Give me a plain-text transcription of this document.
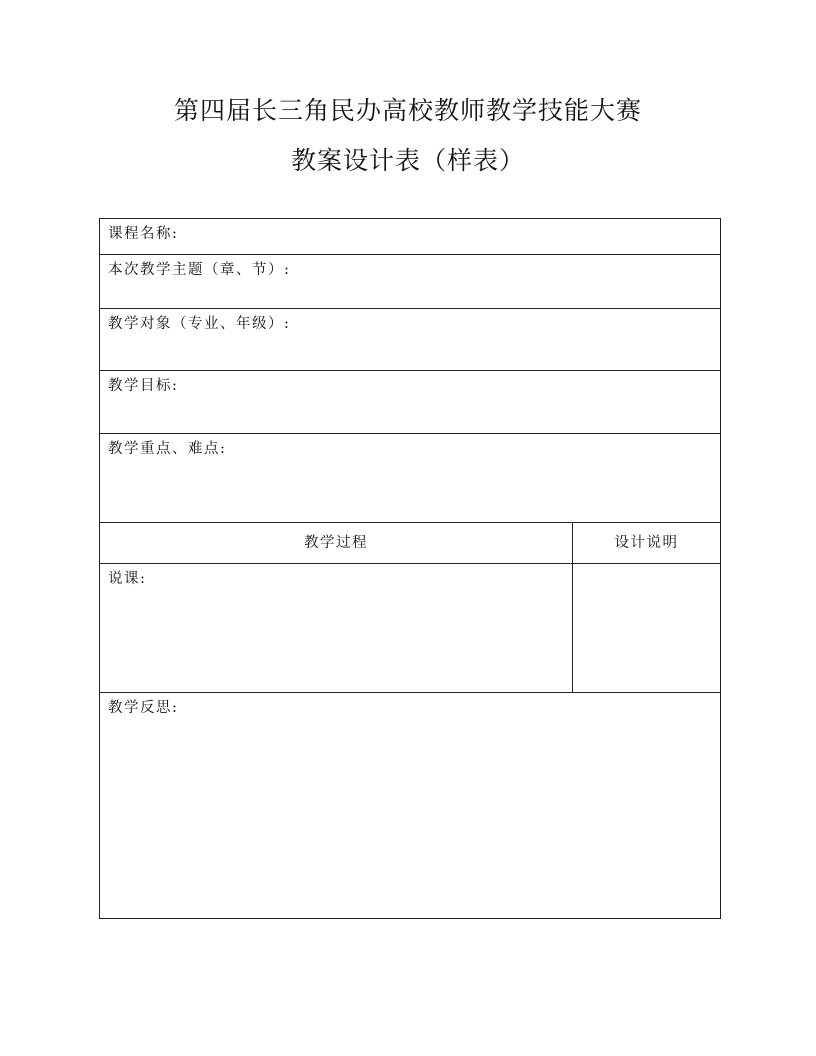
第四届长三角民办高校教师教学技能大赛
教案设计表（样表）
课程名称:
本次教学主题（章、节）:
教学对象（专业、年级）:
教学目标:
教学重点、难点:
教学过程	设计说明
说课:
教学反思:
